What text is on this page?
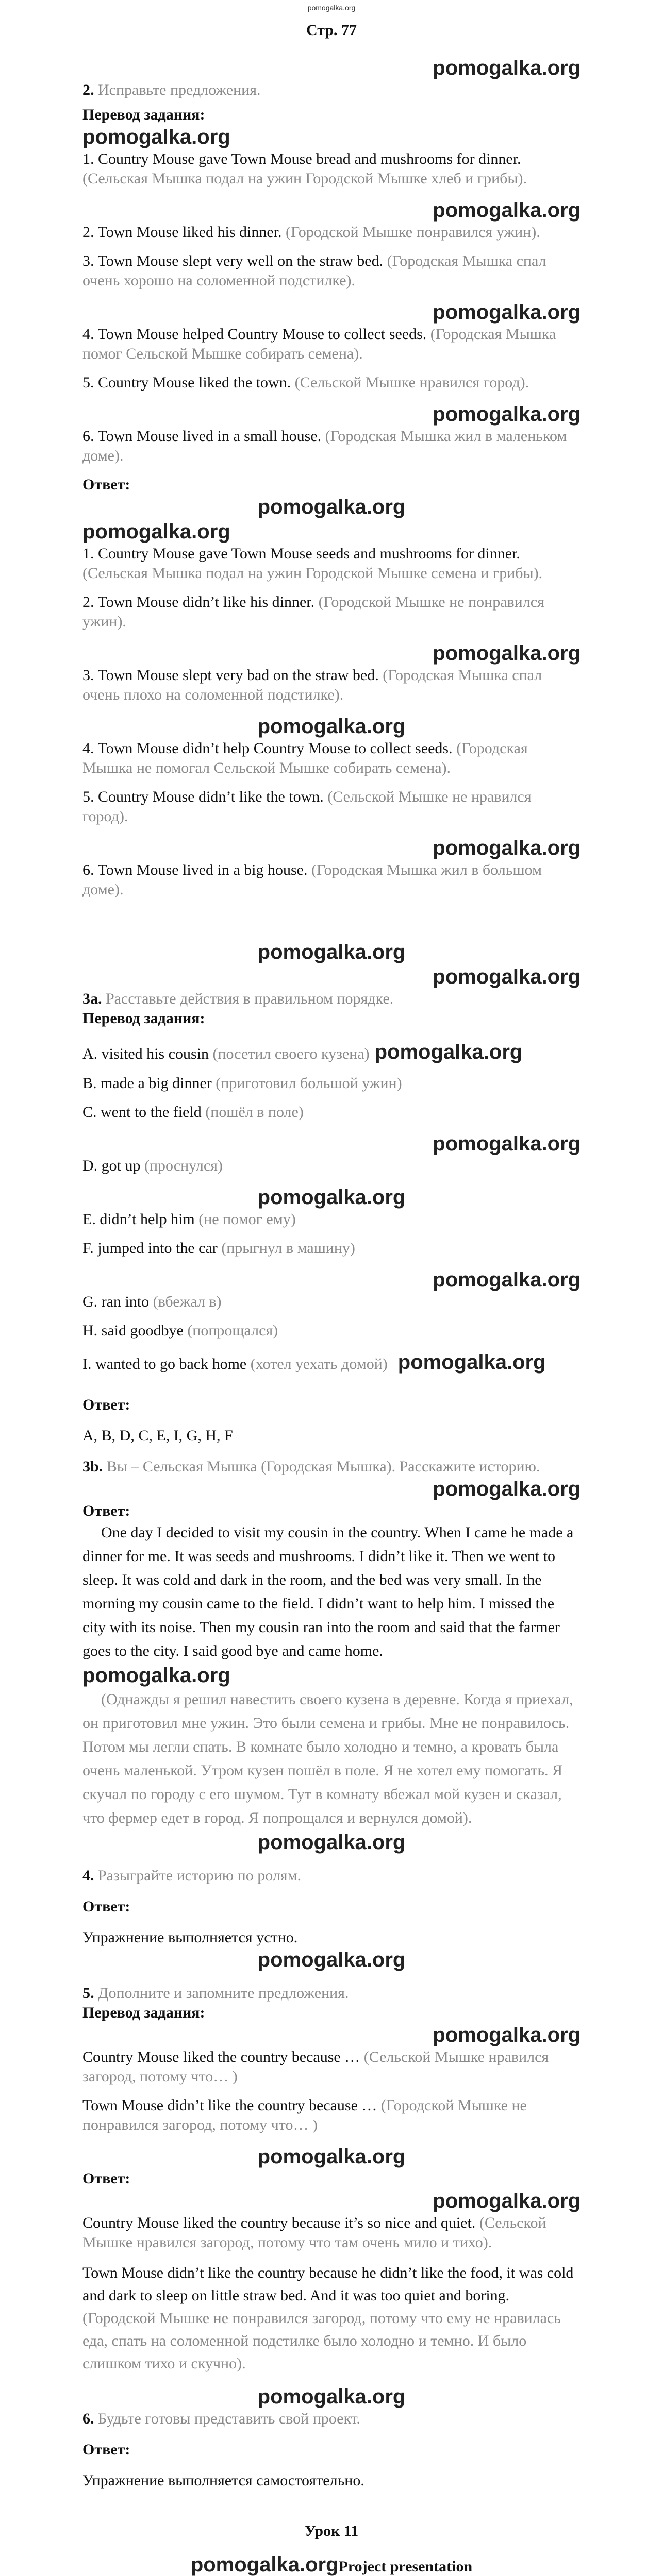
pomogalka.org

Стр. 77

pomogalka.org

2. Исправьте предложения.

Перевод задания:

pomogalka.org

1. Country Mouse gave Town Mouse bread and mushrooms for dinner. (Сельская Мышка подал на ужин Городской Мышке хлеб и грибы).

pomogalka.org

2. Town Mouse liked his dinner. (Городской Мышке понравился ужин).

3. Town Mouse slept very well on the straw bed. (Городская Мышка спал очень хорошо на соломенной подстилке).

pomogalka.org

4. Town Mouse helped Country Mouse to collect seeds. (Городская Мышка помог Сельской Мышке собирать семена).

5. Country Mouse liked the town. (Сельской Мышке нравился город).

pomogalka.org

6. Town Mouse lived in a small house. (Городская Мышка жил в маленьком доме).

Ответ:

pomogalka.org
pomogalka.org

1. Country Mouse gave Town Mouse seeds and mushrooms for dinner. (Сельская Мышка подал на ужин Городской Мышке семена и грибы).

2. Town Mouse didn’t like his dinner. (Городской Мышке не понравился ужин).

pomogalka.org

3. Town Mouse slept very bad on the straw bed. (Городская Мышка спал очень плохо на соломенной подстилке).

pomogalka.org

4. Town Mouse didn’t help Country Mouse to collect seeds. (Городская Мышка не помогал Сельской Мышке собирать семена).

5. Country Mouse didn’t like the town. (Сельской Мышке не нравился город).

pomogalka.org

6. Town Mouse lived in a big house. (Городская Мышка жил в большом доме).

pomogalka.org
pomogalka.org

3a. Расставьте действия в правильном порядке.

Перевод задания:

A. visited his cousin (посетил своего кузена) pomogalka.org

B. made a big dinner (приготовил большой ужин)

C. went to the field (пошёл в поле)

pomogalka.org

D. got up (проснулся)

pomogalka.org

E. didn’t help him (не помог ему)

F. jumped into the car (прыгнул в машину)

pomogalka.org

G. ran into (вбежал в)

H. said goodbye (попрощался)

I. wanted to go back home (хотел уехать домой) pomogalka.org

Ответ:

A, B, D, C, E, I, G, H, F

3b. Вы – Сельская Мышка (Городская Мышка). Расскажите историю.

pomogalka.org

Ответ:

One day I decided to visit my cousin in the country. When I came he made a dinner for me. It was seeds and mushrooms. I didn’t like it. Then we went to sleep. It was cold and dark in the room, and the bed was very small. In the morning my cousin came to the field. I didn’t want to help him. I missed the city with its noise. Then my cousin ran into the room and said that the farmer goes to the city. I said good bye and came home.

pomogalka.org

(Однажды я решил навестить своего кузена в деревне. Когда я приехал, он приготовил мне ужин. Это были семена и грибы. Мне не понравилось. Потом мы легли спать. В комнате было холодно и темно, а кровать была очень маленькой. Утром кузен пошёл в поле. Я не хотел ему помогать. Я скучал по городу с его шумом. Тут в комнату вбежал мой кузен и сказал, что фермер едет в город. Я попрощался и вернулся домой).

pomogalka.org

4. Разыграйте историю по ролям.

Ответ:

Упражнение выполняется устно.

pomogalka.org

5. Дополните и запомните предложения.

Перевод задания:

pomogalka.org

Country Mouse liked the country because … (Сельской Мышке нравился загород, потому что… )

Town Mouse didn’t like the country because … (Городской Мышке не понравился загород, потому что… )

pomogalka.org

Ответ:

pomogalka.org

Country Mouse liked the country because it’s so nice and quiet. (Сельской Мышке нравился загород, потому что там очень мило и тихо).

Town Mouse didn’t like the country because he didn’t like the food, it was cold and dark to sleep on little straw bed. And it was too quiet and boring. (Городской Мышке не понравился загород, потому что ему не нравилась еда, спать на соломенной подстилке было холодно и темно. И было слишком тихо и скучно).

pomogalka.org

6. Будьте готовы представить свой проект.

Ответ:

Упражнение выполняется самостоятельно.

Урок 11

pomogalka.orgProject presentation
